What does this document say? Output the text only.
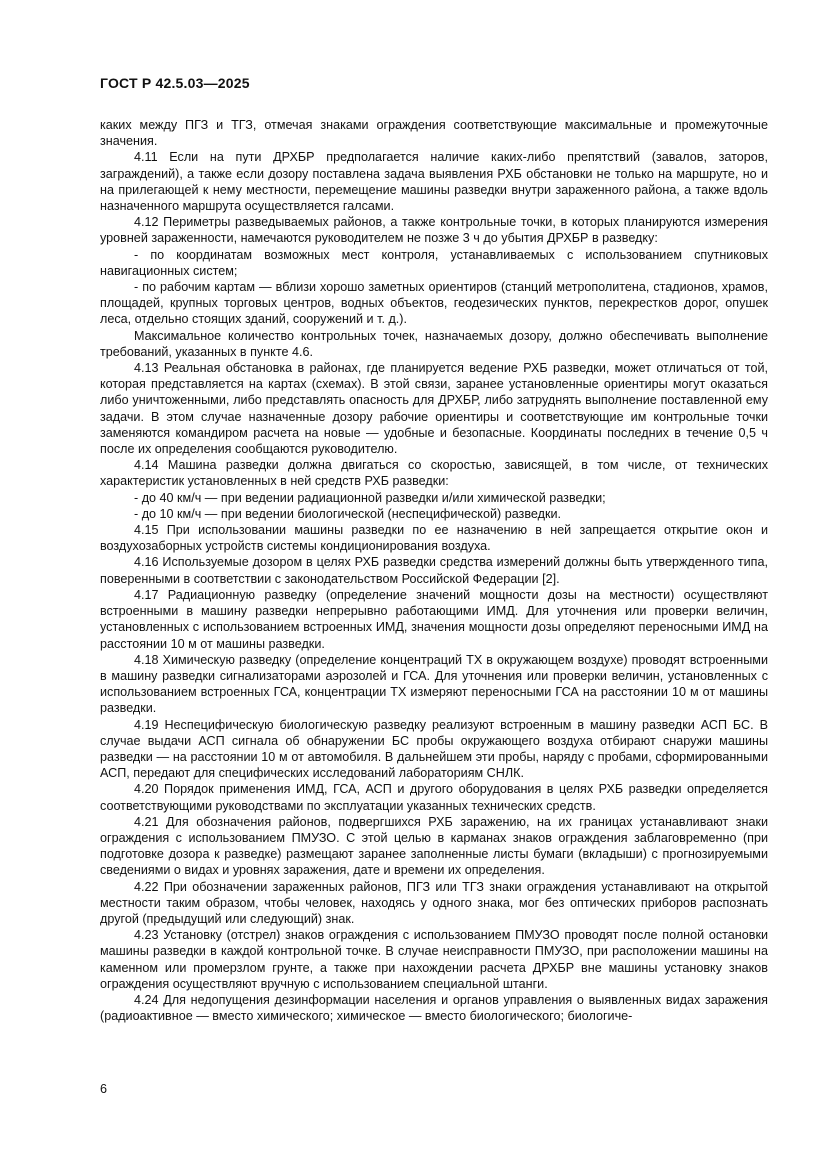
ГОСТ Р 42.5.03—2025

каких между ПГЗ и ТГЗ, отмечая знаками ограждения соответствующие максимальные и промежуточные значения.

4.11 Если на пути ДРХБР предполагается наличие каких-либо препятствий (завалов, заторов, заграждений), а также если дозору поставлена задача выявления РХБ обстановки не только на маршруте, но и на прилегающей к нему местности, перемещение машины разведки внутри зараженного района, а также вдоль назначенного маршрута осуществляется галсами.

4.12 Периметры разведываемых районов, а также контрольные точки, в которых планируются измерения уровней зараженности, намечаются руководителем не позже 3 ч до убытия ДРХБР в разведку:

- по координатам возможных мест контроля, устанавливаемых с использованием спутниковых навигационных систем;

- по рабочим картам — вблизи хорошо заметных ориентиров (станций метрополитена, стадионов, храмов, площадей, крупных торговых центров, водных объектов, геодезических пунктов, перекрестков дорог, опушек леса, отдельно стоящих зданий, сооружений и т. д.).

Максимальное количество контрольных точек, назначаемых дозору, должно обеспечивать выполнение требований, указанных в пункте 4.6.

4.13 Реальная обстановка в районах, где планируется ведение РХБ разведки, может отличаться от той, которая представляется на картах (схемах). В этой связи, заранее установленные ориентиры могут оказаться либо уничтоженными, либо представлять опасность для ДРХБР, либо затруднять выполнение поставленной ему задачи. В этом случае назначенные дозору рабочие ориентиры и соответствующие им контрольные точки заменяются командиром расчета на новые — удобные и безопасные. Координаты последних в течение 0,5 ч после их определения сообщаются руководителю.

4.14 Машина разведки должна двигаться со скоростью, зависящей, в том числе, от технических характеристик установленных в ней средств РХБ разведки:

- до 40 км/ч — при ведении радиационной разведки и/или химической разведки;

- до 10 км/ч — при ведении биологической (неспецифической) разведки.

4.15 При использовании машины разведки по ее назначению в ней запрещается открытие окон и воздухозаборных устройств системы кондиционирования воздуха.

4.16 Используемые дозором в целях РХБ разведки средства измерений должны быть утвержденного типа, поверенными в соответствии с законодательством Российской Федерации [2].

4.17 Радиационную разведку (определение значений мощности дозы на местности) осуществляют встроенными в машину разведки непрерывно работающими ИМД. Для уточнения или проверки величин, установленных с использованием встроенных ИМД, значения мощности дозы определяют переносными ИМД на расстоянии 10 м от машины разведки.

4.18 Химическую разведку (определение концентраций ТХ в окружающем воздухе) проводят встроенными в машину разведки сигнализаторами аэрозолей и ГСА. Для уточнения или проверки величин, установленных с использованием встроенных ГСА, концентрации ТХ измеряют переносными ГСА на расстоянии 10 м от машины разведки.

4.19 Неспецифическую биологическую разведку реализуют встроенным в машину разведки АСП БС. В случае выдачи АСП сигнала об обнаружении БС пробы окружающего воздуха отбирают снаружи машины разведки — на расстоянии 10 м от автомобиля. В дальнейшем эти пробы, наряду с пробами, сформированными АСП, передают для специфических исследований лабораториям СНЛК.

4.20 Порядок применения ИМД, ГСА, АСП и другого оборудования в целях РХБ разведки определяется соответствующими руководствами по эксплуатации указанных технических средств.

4.21 Для обозначения районов, подвергшихся РХБ заражению, на их границах устанавливают знаки ограждения с использованием ПМУЗО. С этой целью в карманах знаков ограждения заблаговременно (при подготовке дозора к разведке) размещают заранее заполненные листы бумаги (вкладыши) с прогнозируемыми сведениями о видах и уровнях заражения, дате и времени их определения.

4.22 При обозначении зараженных районов, ПГЗ или ТГЗ знаки ограждения устанавливают на открытой местности таким образом, чтобы человек, находясь у одного знака, мог без оптических приборов распознать другой (предыдущий или следующий) знак.

4.23 Установку (отстрел) знаков ограждения с использованием ПМУЗО проводят после полной остановки машины разведки в каждой контрольной точке. В случае неисправности ПМУЗО, при расположении машины на каменном или промерзлом грунте, а также при нахождении расчета ДРХБР вне машины установку знаков ограждения осуществляют вручную с использованием специальной штанги.

4.24 Для недопущения дезинформации населения и органов управления о выявленных видах заражения (радиоактивное — вместо химического; химическое — вместо биологического; биологиче-

6
